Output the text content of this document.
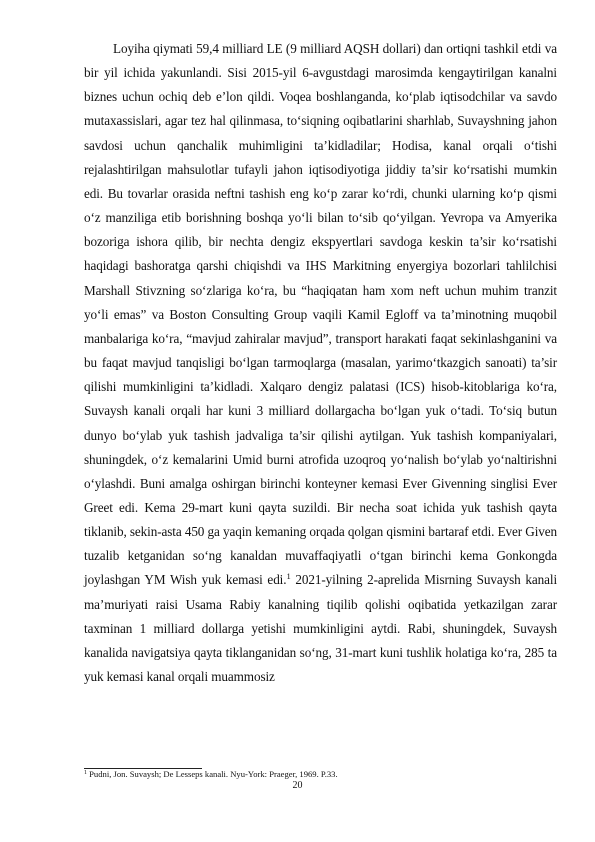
Loyiha qiymati 59,4 milliard LE (9 milliard AQSH dollari) dan ortiqni tashkil etdi va bir yil ichida yakunlandi. Sisi 2015-yil 6-avgustdagi marosimda kengaytirilgan kanalni biznes uchun ochiq deb e’lon qildi. Voqea boshlanganda, ko‘plab iqtisodchilar va savdo mutaxassislari, agar tez hal qilinmasa, to‘siqning oqibatlarini sharhlab, Suvayshning jahon savdosi uchun qanchalik muhimligini ta’kidladilar; Hodisa, kanal orqali o‘tishi rejalashtirilgan mahsulotlar tufayli jahon iqtisodiyotiga jiddiy ta’sir ko‘rsatishi mumkin edi. Bu tovarlar orasida neftni tashish eng ko‘p zarar ko‘rdi, chunki ularning ko‘p qismi o‘z manziliga etib borishning boshqa yo‘li bilan to‘sib qo‘yilgan. Yevropa va Amyerika bozoriga ishora qilib, bir nechta dengiz ekspyertlari savdoga keskin ta’sir ko‘rsatishi haqidagi bashoratga qarshi chiqishdi va IHS Markitning enyergiya bozorlari tahlilchisi Marshall Stivzning so‘zlariga ko‘ra, bu “haqiqatan ham xom neft uchun muhim tranzit yo‘li emas” va Boston Consulting Group vaqili Kamil Egloff va ta’minotning muqobil manbalariga ko‘ra, “mavjud zahiralar mavjud”, transport harakati faqat sekinlashganini va bu faqat mavjud tanqisligi bo‘lgan tarmoqlarga (masalan, yarimo‘tkazgich sanoati) ta’sir qilishi mumkinligini ta’kidladi. Xalqaro dengiz palatasi (ICS) hisob-kitoblariga ko‘ra, Suvaysh kanali orqali har kuni 3 milliard dollargacha bo‘lgan yuk o‘tadi. To‘siq butun dunyo bo‘ylab yuk tashish jadvaliga ta’sir qilishi aytilgan. Yuk tashish kompaniyalari, shuningdek, o‘z kemalarini Umid burni atrofida uzoqroq yo‘nalish bo‘ylab yo‘naltirishni o‘ylashdi. Buni amalga oshirgan birinchi konteyner kemasi Ever Givenning singlisi Ever Greet edi. Kema 29-mart kuni qayta suzildi. Bir necha soat ichida yuk tashish qayta tiklanib, sekin-asta 450 ga yaqin kemaning orqada qolgan qismini bartaraf etdi. Ever Given tuzalib ketganidan so‘ng kanaldan muvaffaqiyatli o‘tgan birinchi kema Gonkongda joylashgan YM Wish yuk kemasi edi.$^1$ 2021-yilning 2-aprelida Misrning Suvaysh kanali ma’muriyati raisi Usama Rabiy kanalning tiqilib qolishi oqibatida yetkazilgan zarar taxminan 1 milliard dollarga yetishi mumkinligini aytdi. Rabi, shuningdek, Suvaysh kanalida navigatsiya qayta tiklanganidan so‘ng, 31-mart kuni tushlik holatiga ko‘ra, 285 ta yuk kemasi kanal orqali muammosiz

$^1$ Pudni, Jon. Suvaysh; De Lesseps kanali. Nyu-York: Praeger, 1969. P.33.
20
